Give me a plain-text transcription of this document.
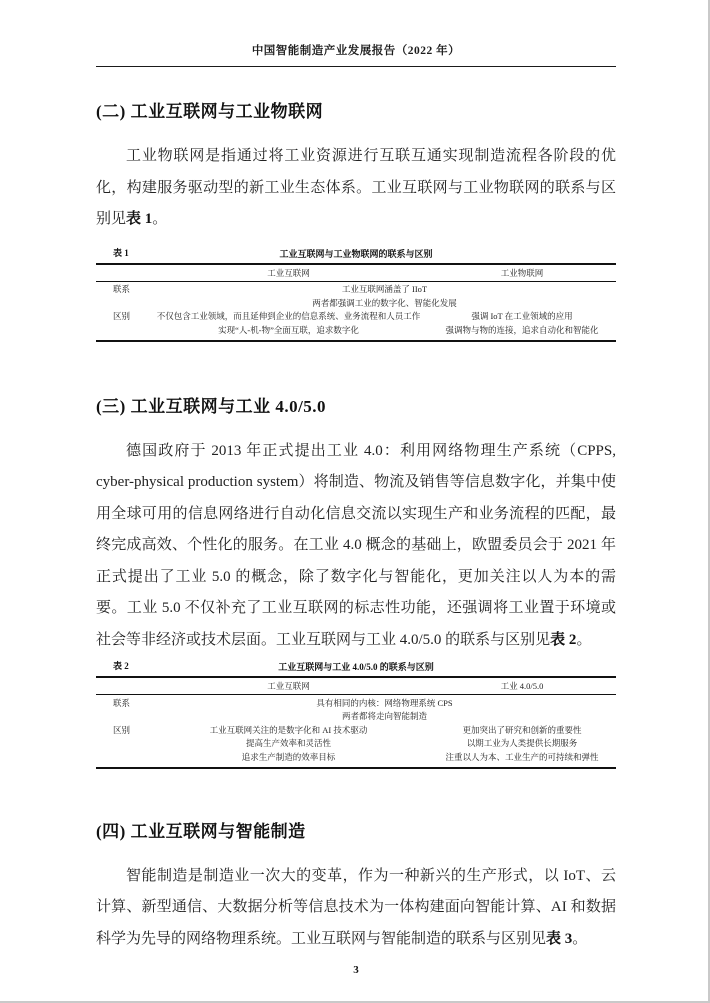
中国智能制造产业发展报告（2022 年）
(二) 工业互联网与工业物联网
工业物联网是指通过将工业资源进行互联互通实现制造流程各阶段的优化，构建服务驱动型的新工业生态体系。工业互联网与工业物联网的联系与区别见表 1。
表 1	工业互联网与工业物联网的联系与区别
工业互联网	工业物联网
联系	工业互联网涵盖了 IIoT
两者都强调工业的数字化、智能化发展
区别	不仅包含工业领域，而且延伸到企业的信息系统、业务流程和人员工作	强调 IoT 在工业领域的应用
实现“人-机-物”全面互联，追求数字化	强调物与物的连接，追求自动化和智能化
(三) 工业互联网与工业 4.0/5.0
德国政府于 2013 年正式提出工业 4.0：利用网络物理生产系统（CPPS, cyber-physical production system）将制造、物流及销售等信息数字化，并集中使用全球可用的信息网络进行自动化信息交流以实现生产和业务流程的匹配，最终完成高效、个性化的服务。在工业 4.0 概念的基础上，欧盟委员会于 2021 年正式提出了工业 5.0 的概念，除了数字化与智能化，更加关注以人为本的需要。工业 5.0 不仅补充了工业互联网的标志性功能，还强调将工业置于环境或社会等非经济或技术层面。工业互联网与工业 4.0/5.0 的联系与区别见表 2。
表 2	工业互联网与工业 4.0/5.0 的联系与区别
工业互联网	工业 4.0/5.0
联系	具有相同的内核：网络物理系统 CPS
两者都将走向智能制造
区别	工业互联网关注的是数字化和 AI 技术驱动	更加突出了研究和创新的重要性
提高生产效率和灵活性	以期工业为人类提供长期服务
追求生产制造的效率目标	注重以人为本、工业生产的可持续和弹性
(四) 工业互联网与智能制造
智能制造是制造业一次大的变革，作为一种新兴的生产形式，以 IoT、云计算、新型通信、大数据分析等信息技术为一体构建面向智能计算、AI 和数据科学为先导的网络物理系统。工业互联网与智能制造的联系与区别见表 3。
3
